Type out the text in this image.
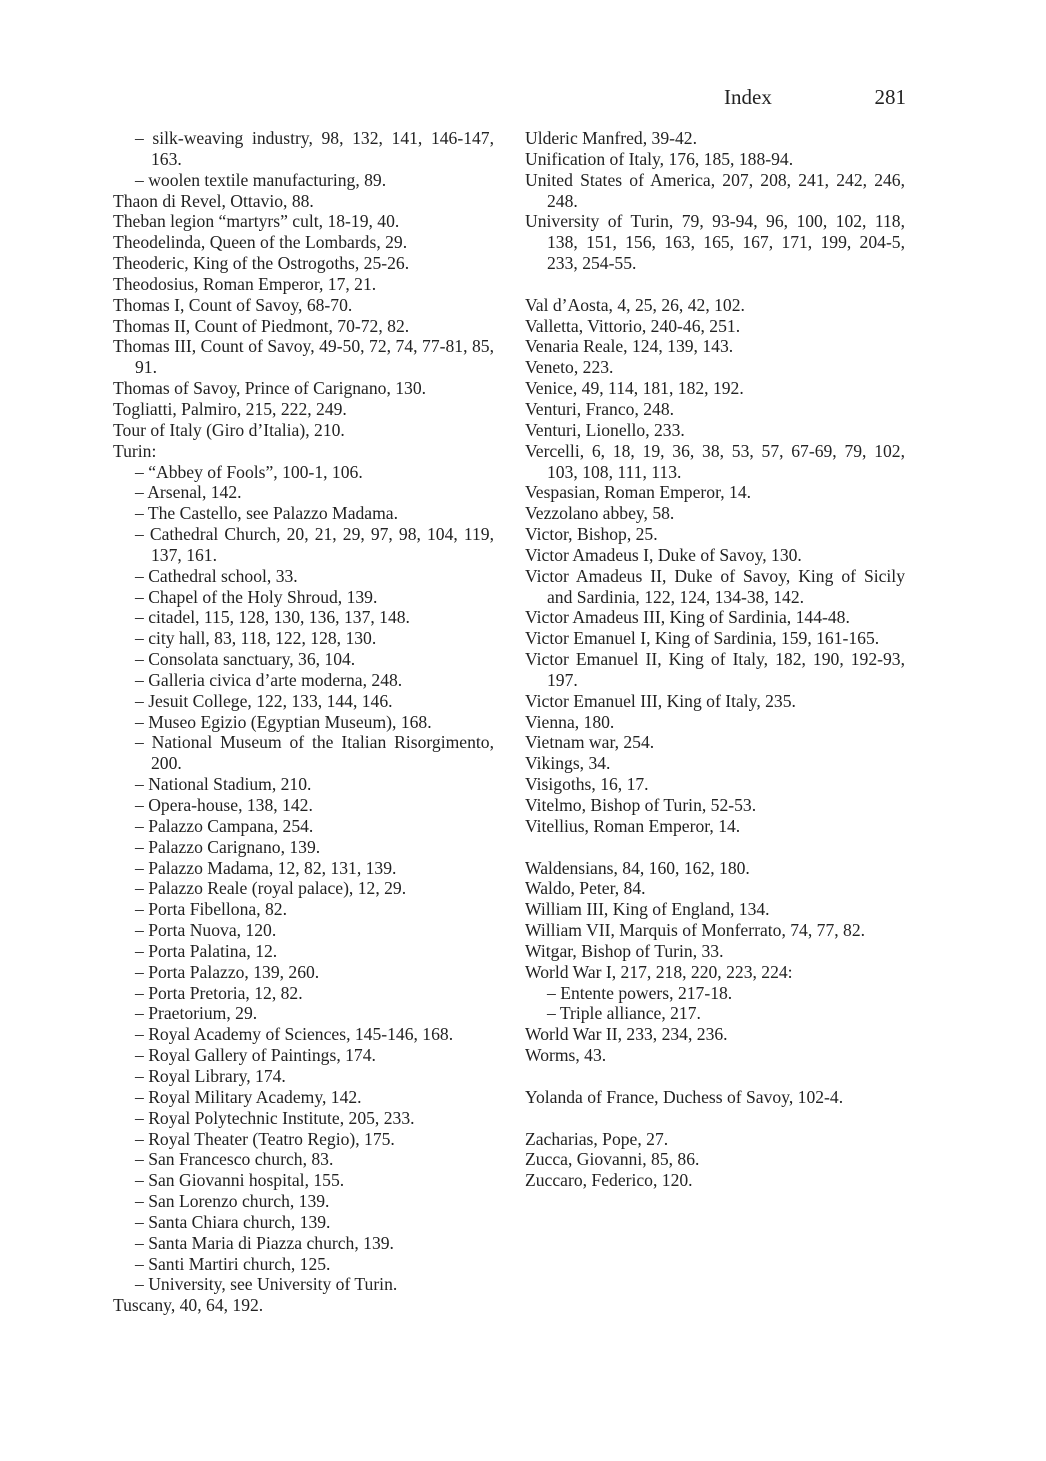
Index	281

– silk-weaving industry, 98, 132, 141, 146-147, 163.

– woolen textile manufacturing, 89.

Thaon di Revel, Ottavio, 88.

Theban legion “martyrs” cult, 18-19, 40.

Theodelinda, Queen of the Lombards, 29.

Theoderic, King of the Ostrogoths, 25-26.

Theodosius, Roman Emperor, 17, 21.

Thomas I, Count of Savoy, 68-70.

Thomas II, Count of Piedmont, 70-72, 82.

Thomas III, Count of Savoy, 49-50, 72, 74, 77-81, 85, 91.

Thomas of Savoy, Prince of Carignano, 130.

Togliatti, Palmiro, 215, 222, 249.

Tour of Italy (Giro d’Italia), 210.

Turin:

– “Abbey of Fools”, 100-1, 106.

– Arsenal, 142.

– The Castello, see Palazzo Madama.

– Cathedral Church, 20, 21, 29, 97, 98, 104, 119, 137, 161.

– Cathedral school, 33.

– Chapel of the Holy Shroud, 139.

– citadel, 115, 128, 130, 136, 137, 148.

– city hall, 83, 118, 122, 128, 130.

– Consolata sanctuary, 36, 104.

– Galleria civica d’arte moderna, 248.

– Jesuit College, 122, 133, 144, 146.

– Museo Egizio (Egyptian Museum), 168.

– National Museum of the Italian Risorgimento, 200.

– National Stadium, 210.

– Opera-house, 138, 142.

– Palazzo Campana, 254.

– Palazzo Carignano, 139.

– Palazzo Madama, 12, 82, 131, 139.

– Palazzo Reale (royal palace), 12, 29.

– Porta Fibellona, 82.

– Porta Nuova, 120.

– Porta Palatina, 12.

– Porta Palazzo, 139, 260.

– Porta Pretoria, 12, 82.

– Praetorium, 29.

– Royal Academy of Sciences, 145-146, 168.

– Royal Gallery of Paintings, 174.

– Royal Library, 174.

– Royal Military Academy, 142.

– Royal Polytechnic Institute, 205, 233.

– Royal Theater (Teatro Regio), 175.

– San Francesco church, 83.

– San Giovanni hospital, 155.

– San Lorenzo church, 139.

– Santa Chiara church, 139.

– Santa Maria di Piazza church, 139.

– Santi Martiri church, 125.

– University, see University of Turin.

Tuscany, 40, 64, 192.

Ulderic Manfred, 39-42.

Unification of Italy, 176, 185, 188-94.

United States of America, 207, 208, 241, 242, 246, 248.

University of Turin, 79, 93-94, 96, 100, 102, 118, 138, 151, 156, 163, 165, 167, 171, 199, 204-5, 233, 254-55.

Val d’Aosta, 4, 25, 26, 42, 102.

Valletta, Vittorio, 240-46, 251.

Venaria Reale, 124, 139, 143.

Veneto, 223.

Venice, 49, 114, 181, 182, 192.

Venturi, Franco, 248.

Venturi, Lionello, 233.

Vercelli, 6, 18, 19, 36, 38, 53, 57, 67-69, 79, 102, 103, 108, 111, 113.

Vespasian, Roman Emperor, 14.

Vezzolano abbey, 58.

Victor, Bishop, 25.

Victor Amadeus I, Duke of Savoy, 130.

Victor Amadeus II, Duke of Savoy, King of Sicily and Sardinia, 122, 124, 134-38, 142.

Victor Amadeus III, King of Sardinia, 144-48.

Victor Emanuel I, King of Sardinia, 159, 161-165.

Victor Emanuel II, King of Italy, 182, 190, 192-93, 197.

Victor Emanuel III, King of Italy, 235.

Vienna, 180.

Vietnam war, 254.

Vikings, 34.

Visigoths, 16, 17.

Vitelmo, Bishop of Turin, 52-53.

Vitellius, Roman Emperor, 14.

Waldensians, 84, 160, 162, 180.

Waldo, Peter, 84.

William III, King of England, 134.

William VII, Marquis of Monferrato, 74, 77, 82.

Witgar, Bishop of Turin, 33.

World War I, 217, 218, 220, 223, 224:

– Entente powers, 217-18.

– Triple alliance, 217.

World War II, 233, 234, 236.

Worms, 43.

Yolanda of France, Duchess of Savoy, 102-4.

Zacharias, Pope, 27.

Zucca, Giovanni, 85, 86.

Zuccaro, Federico, 120.
